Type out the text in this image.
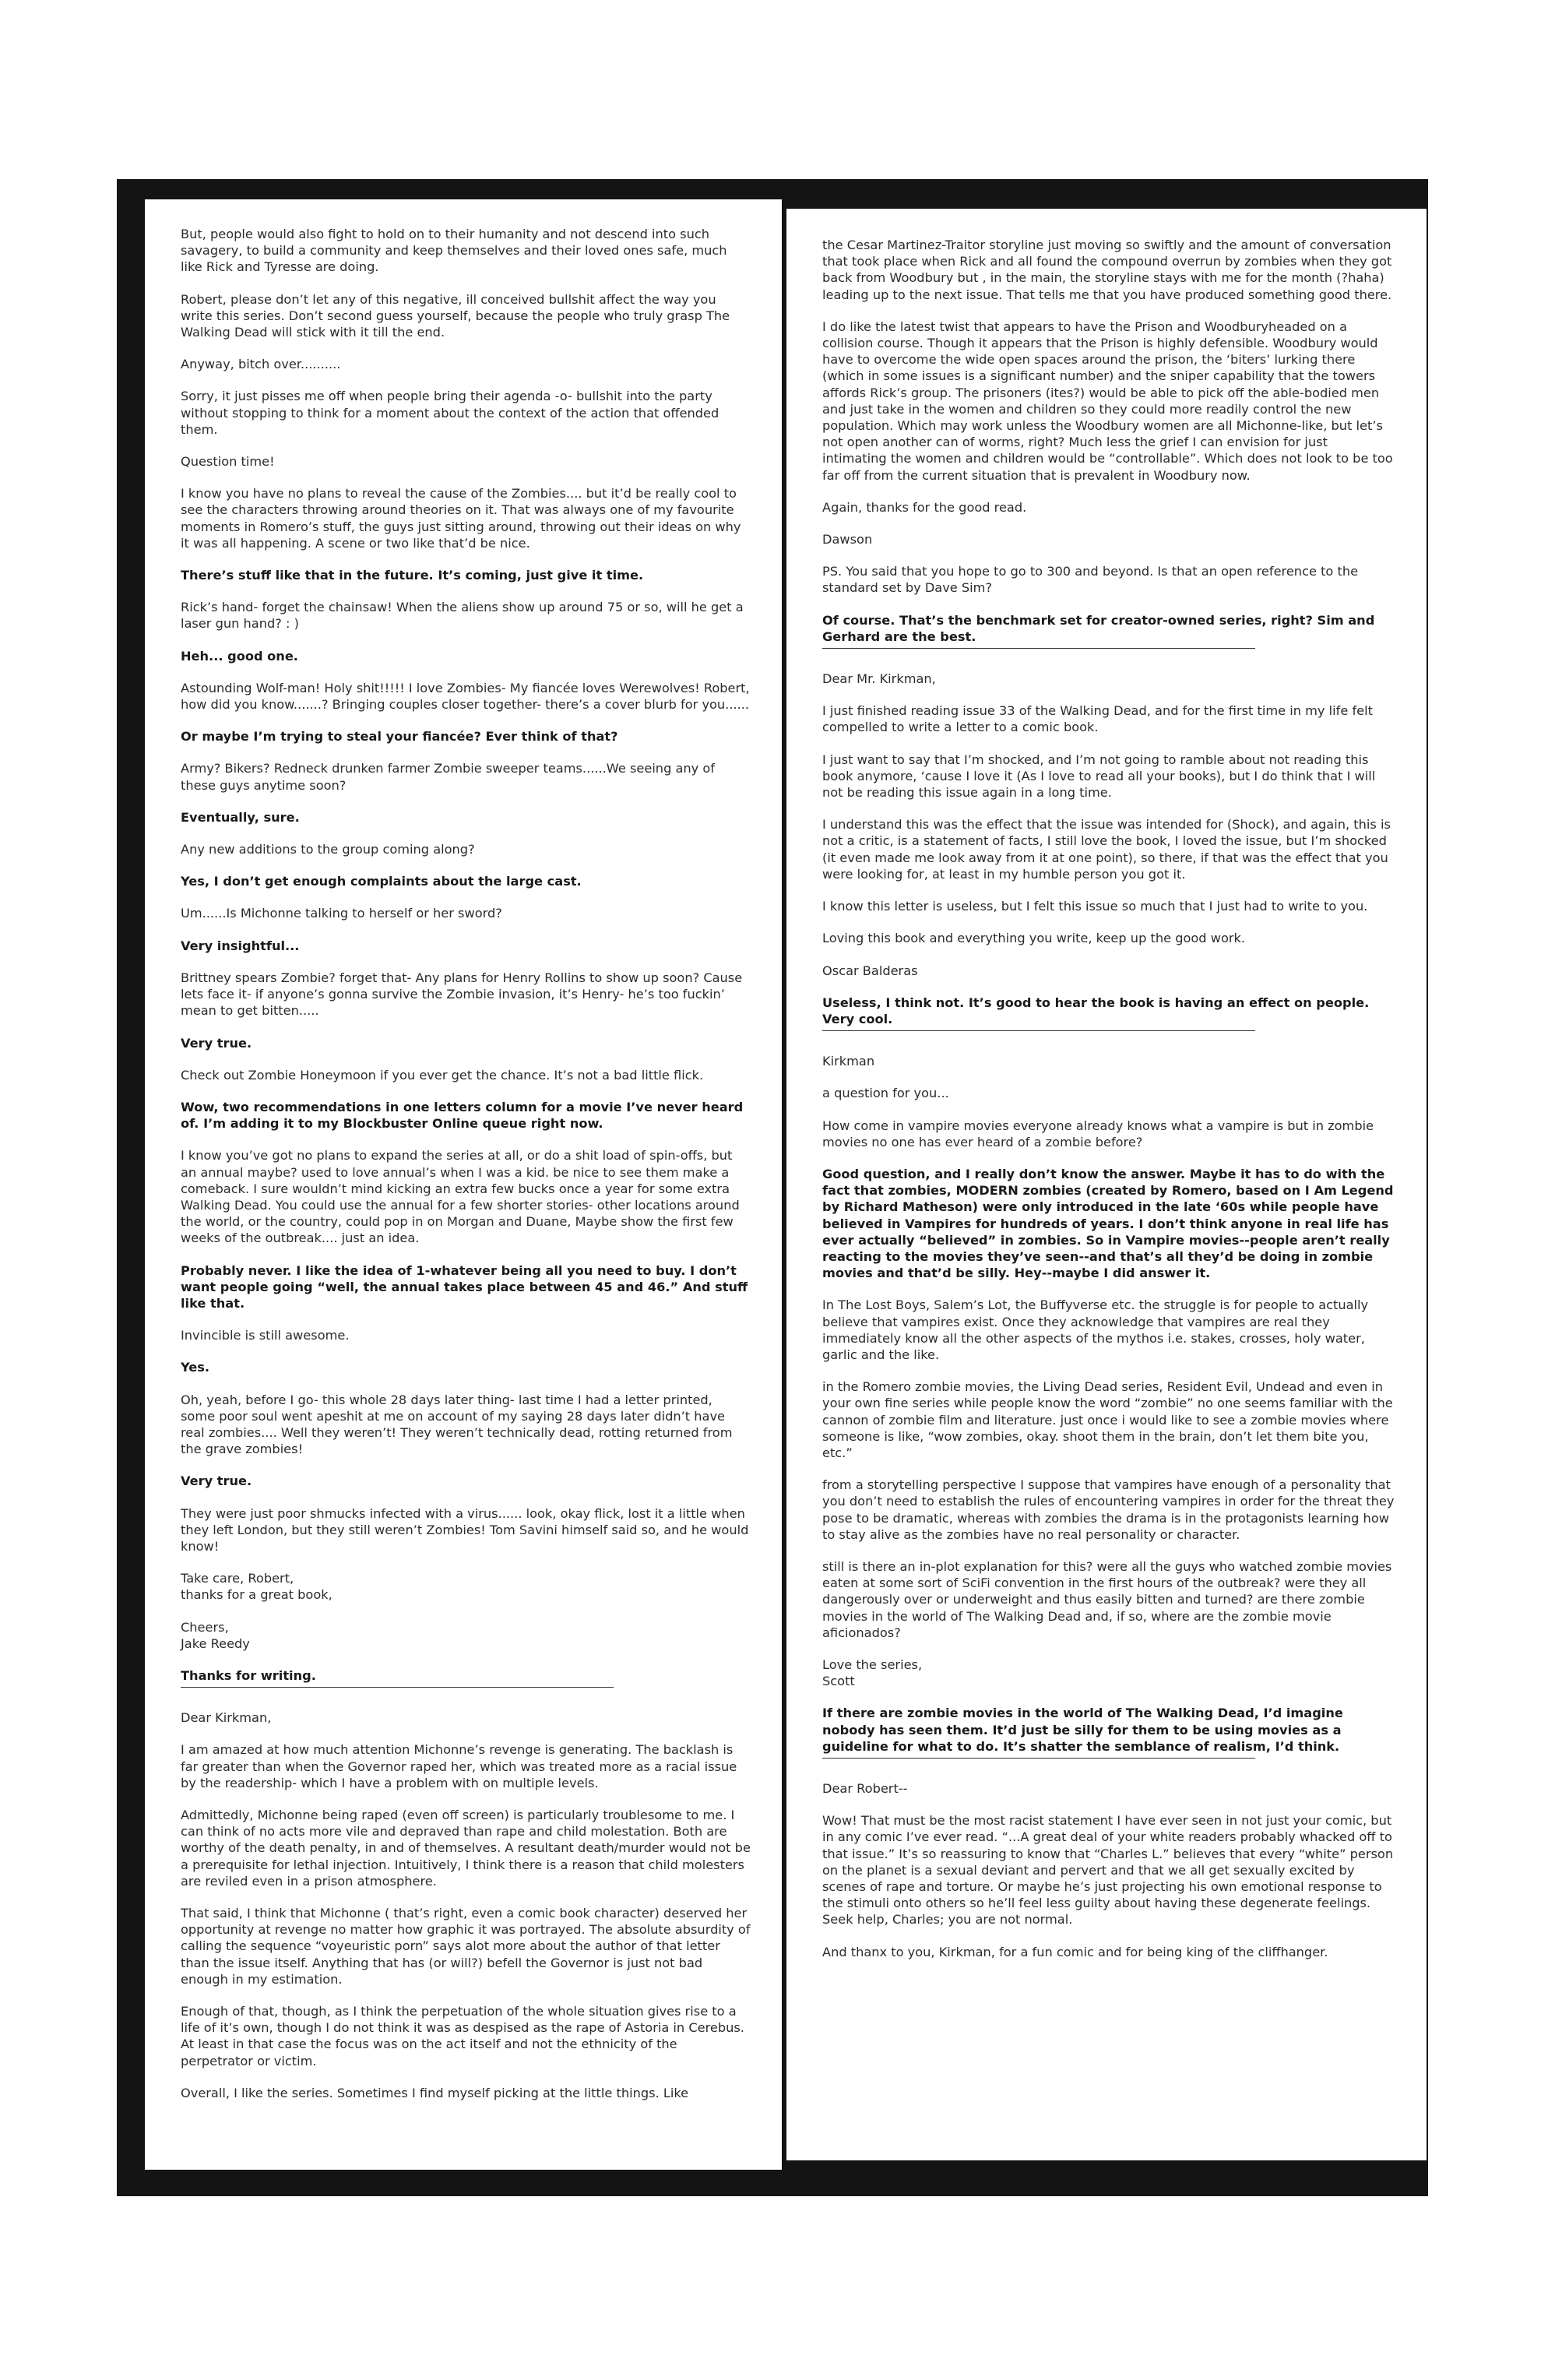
But, people would also fight to hold on to their humanity and not descend into such savagery, to build a community and keep themselves and their loved ones safe, much like Rick and Tyresse are doing.

Robert, please don’t let any of this negative, ill conceived bullshit affect the way you write this series. Don’t second guess yourself, because the people who truly grasp The Walking Dead will stick with it till the end.

Anyway, bitch over..........

Sorry, it just pisses me off when people bring their agenda -o- bullshit into the party without stopping to think for a moment about the context of the action that offended them.

Question time!

I know you have no plans to reveal the cause of the Zombies.... but it’d be really cool to see the characters throwing around theories on it. That was always one of my favourite moments in Romero’s stuff, the guys just sitting around, throwing out their ideas on why it was all happening. A scene or two like that’d be nice.

There’s stuff like that in the future. It’s coming, just give it time.

Rick’s hand- forget the chainsaw! When the aliens show up around 75 or so, will he get a laser gun hand? : )

Heh... good one.

Astounding Wolf-man! Holy shit!!!!! I love Zombies- My fiancée loves Werewolves! Robert, how did you know.......? Bringing couples closer together- there’s a cover blurb for you......

Or maybe I’m trying to steal your fiancée? Ever think of that?

Army? Bikers? Redneck drunken farmer Zombie sweeper teams......We seeing any of these guys anytime soon?

Eventually, sure.

Any new additions to the group coming along?

Yes, I don’t get enough complaints about the large cast.

Um......Is Michonne talking to herself or her sword?

Very insightful...

Brittney spears Zombie? forget that- Any plans for Henry Rollins to show up soon? Cause lets face it- if anyone’s gonna survive the Zombie invasion, it’s Henry- he’s too fuckin’ mean to get bitten.....

Very true.

Check out Zombie Honeymoon if you ever get the chance. It’s not a bad little flick.

Wow, two recommendations in one letters column for a movie I’ve never heard of. I’m adding it to my Blockbuster Online queue right now.

I know you’ve got no plans to expand the series at all, or do a shit load of spin-offs, but an annual maybe? used to love annual’s when I was a kid. be nice to see them make a comeback. I sure wouldn’t mind kicking an extra few bucks once a year for some extra Walking Dead. You could use the annual for a few shorter stories- other locations around the world, or the country, could pop in on Morgan and Duane, Maybe show the first few weeks of the outbreak.... just an idea.

Probably never. I like the idea of 1-whatever being all you need to buy. I don’t want people going “well, the annual takes place between 45 and 46.” And stuff like that.

Invincible is still awesome.

Yes.

Oh, yeah, before I go- this whole 28 days later thing- last time I had a letter printed, some poor soul went apeshit at me on account of my saying 28 days later didn’t have real zombies.... Well they weren’t! They weren’t technically dead, rotting returned from the grave zombies!

Very true.

They were just poor shmucks infected with a virus...... look, okay flick, lost it a little when they left London, but they still weren’t Zombies! Tom Savini himself said so, and he would know!

Take care, Robert,
thanks for a great book,

Cheers,
Jake Reedy

Thanks for writing.

Dear Kirkman,

I am amazed at how much attention Michonne’s revenge is generating. The backlash is far greater than when the Governor raped her, which was treated more as a racial issue by the readership- which I have a problem with on multiple levels.

Admittedly, Michonne being raped (even off screen) is particularly troublesome to me. I can think of no acts more vile and depraved than rape and child molestation. Both are worthy of the death penalty, in and of themselves. A resultant death/murder would not be a prerequisite for lethal injection. Intuitively, I think there is a reason that child molesters are reviled even in a prison atmosphere.

That said, I think that Michonne ( that’s right, even a comic book character) deserved her opportunity at revenge no matter how graphic it was portrayed. The absolute absurdity of calling the sequence “voyeuristic porn” says alot more about the author of that letter than the issue itself. Anything that has (or will?) befell the Governor is just not bad enough in my estimation.

Enough of that, though, as I think the perpetuation of the whole situation gives rise to a life of it’s own, though I do not think it was as despised as the rape of Astoria in Cerebus. At least in that case the focus was on the act itself and not the ethnicity of the perpetrator or victim.

Overall, I like the series. Sometimes I find myself picking at the little things. Like

the Cesar Martinez-Traitor storyline just moving so swiftly and the amount of conversation that took place when Rick and all found the compound overrun by zombies when they got back from Woodbury but , in the main, the storyline stays with me for the month (?haha) leading up to the next issue. That tells me that you have produced something good there.

I do like the latest twist that appears to have the Prison and Woodburyheaded on a collision course. Though it appears that the Prison is highly defensible. Woodbury would have to overcome the wide open spaces around the prison, the ‘biters’ lurking there (which in some issues is a significant number) and the sniper capability that the towers affords Rick’s group. The prisoners (ites?) would be able to pick off the able-bodied men and just take in the women and children so they could more readily control the new population. Which may work unless the Woodbury women are all Michonne-like, but let’s not open another can of worms, right? Much less the grief I can envision for just intimating the women and children would be “controllable”. Which does not look to be too far off from the current situation that is prevalent in Woodbury now.

Again, thanks for the good read.

Dawson

PS. You said that you hope to go to 300 and beyond. Is that an open reference to the standard set by Dave Sim?

Of course. That’s the benchmark set for creator-owned series, right? Sim and Gerhard are the best.

Dear Mr. Kirkman,

I just finished reading issue 33 of the Walking Dead, and for the first time in my life felt compelled to write a letter to a comic book.

I just want to say that I’m shocked, and I’m not going to ramble about not reading this book anymore, ‘cause I love it (As I love to read all your books), but I do think that I will not be reading this issue again in a long time.

I understand this was the effect that the issue was intended for (Shock), and again, this is not a critic, is a statement of facts, I still love the book, I loved the issue, but I’m shocked (it even made me look away from it at one point), so there, if that was the effect that you were looking for, at least in my humble person you got it.

I know this letter is useless, but I felt this issue so much that I just had to write to you.

Loving this book and everything you write, keep up the good work.

Oscar Balderas

Useless, I think not. It’s good to hear the book is having an effect on people. Very cool.

Kirkman

a question for you...

How come in vampire movies everyone already knows what a vampire is but in zombie movies no one has ever heard of a zombie before?

Good question, and I really don’t know the answer. Maybe it has to do with the fact that zombies, MODERN zombies (created by Romero, based on I Am Legend by Richard Matheson) were only introduced in the late ‘60s while people have believed in Vampires for hundreds of years. I don’t think anyone in real life has ever actually “believed” in zombies. So in Vampire movies--people aren’t really reacting to the movies they’ve seen--and that’s all they’d be doing in zombie movies and that’d be silly. Hey--maybe I did answer it.

In The Lost Boys, Salem’s Lot, the Buffyverse etc. the struggle is for people to actually believe that vampires exist. Once they acknowledge that vampires are real they immediately know all the other aspects of the mythos i.e. stakes, crosses, holy water, garlic and the like.

in the Romero zombie movies, the Living Dead series, Resident Evil, Undead and even in your own fine series while people know the word “zombie” no one seems familiar with the cannon of zombie film and literature. just once i would like to see a zombie movies where someone is like, “wow zombies, okay. shoot them in the brain, don’t let them bite you, etc.”

from a storytelling perspective I suppose that vampires have enough of a personality that you don’t need to establish the rules of encountering vampires in order for the threat they pose to be dramatic, whereas with zombies the drama is in the protagonists learning how to stay alive as the zombies have no real personality or character.

still is there an in-plot explanation for this? were all the guys who watched zombie movies eaten at some sort of SciFi convention in the first hours of the outbreak? were they all dangerously over or underweight and thus easily bitten and turned? are there zombie movies in the world of The Walking Dead and, if so, where are the zombie movie aficionados?

Love the series,
Scott

If there are zombie movies in the world of The Walking Dead, I’d imagine nobody has seen them. It’d just be silly for them to be using movies as a guideline for what to do. It’s shatter the semblance of realism, I’d think.

Dear Robert--

Wow! That must be the most racist statement I have ever seen in not just your comic, but in any comic I’ve ever read. “...A great deal of your white readers probably whacked off to that issue.” It’s so reassuring to know that “Charles L.” believes that every “white” person on the planet is a sexual deviant and pervert and that we all get sexually excited by scenes of rape and torture. Or maybe he’s just projecting his own emotional response to the stimuli onto others so he’ll feel less guilty about having these degenerate feelings. Seek help, Charles; you are not normal.

And thanx to you, Kirkman, for a fun comic and for being king of the cliffhanger.
